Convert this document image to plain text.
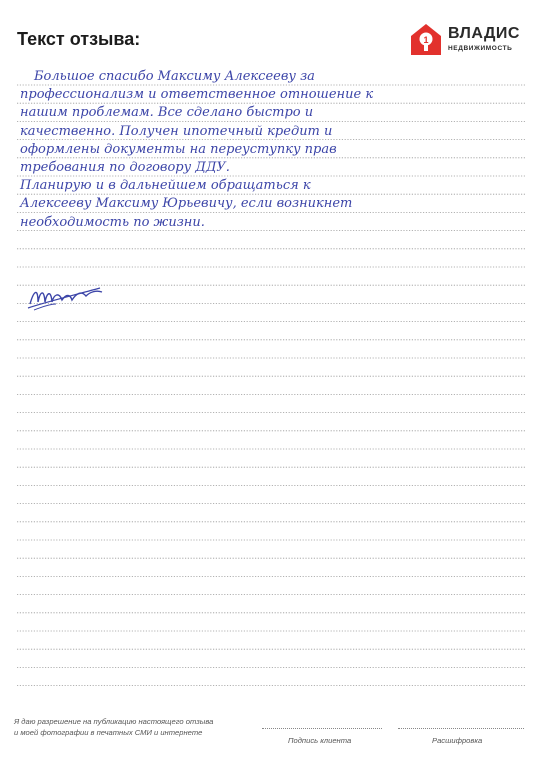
Текст отзыва:	1 ВЛАДИС
НЕДВИЖИМОСТЬ
Большое спасибо Максиму Алексееву за
профессионализм и ответственное отношение к
нашим проблемам. Все сделано быстро и
качественно. Получен ипотечный кредит и
оформлены документы на переуступку прав
требования по договору ДДУ.
Планирую и в дальнейшем обращаться к
Алексееву Максиму Юрьевичу, если возникнет
необходимость по жизни.
Я даю разрешение на публикацию настоящего отзыва
и моей фотографии в печатных СМИ и интернете
Подпись клиента	Расшифровка
